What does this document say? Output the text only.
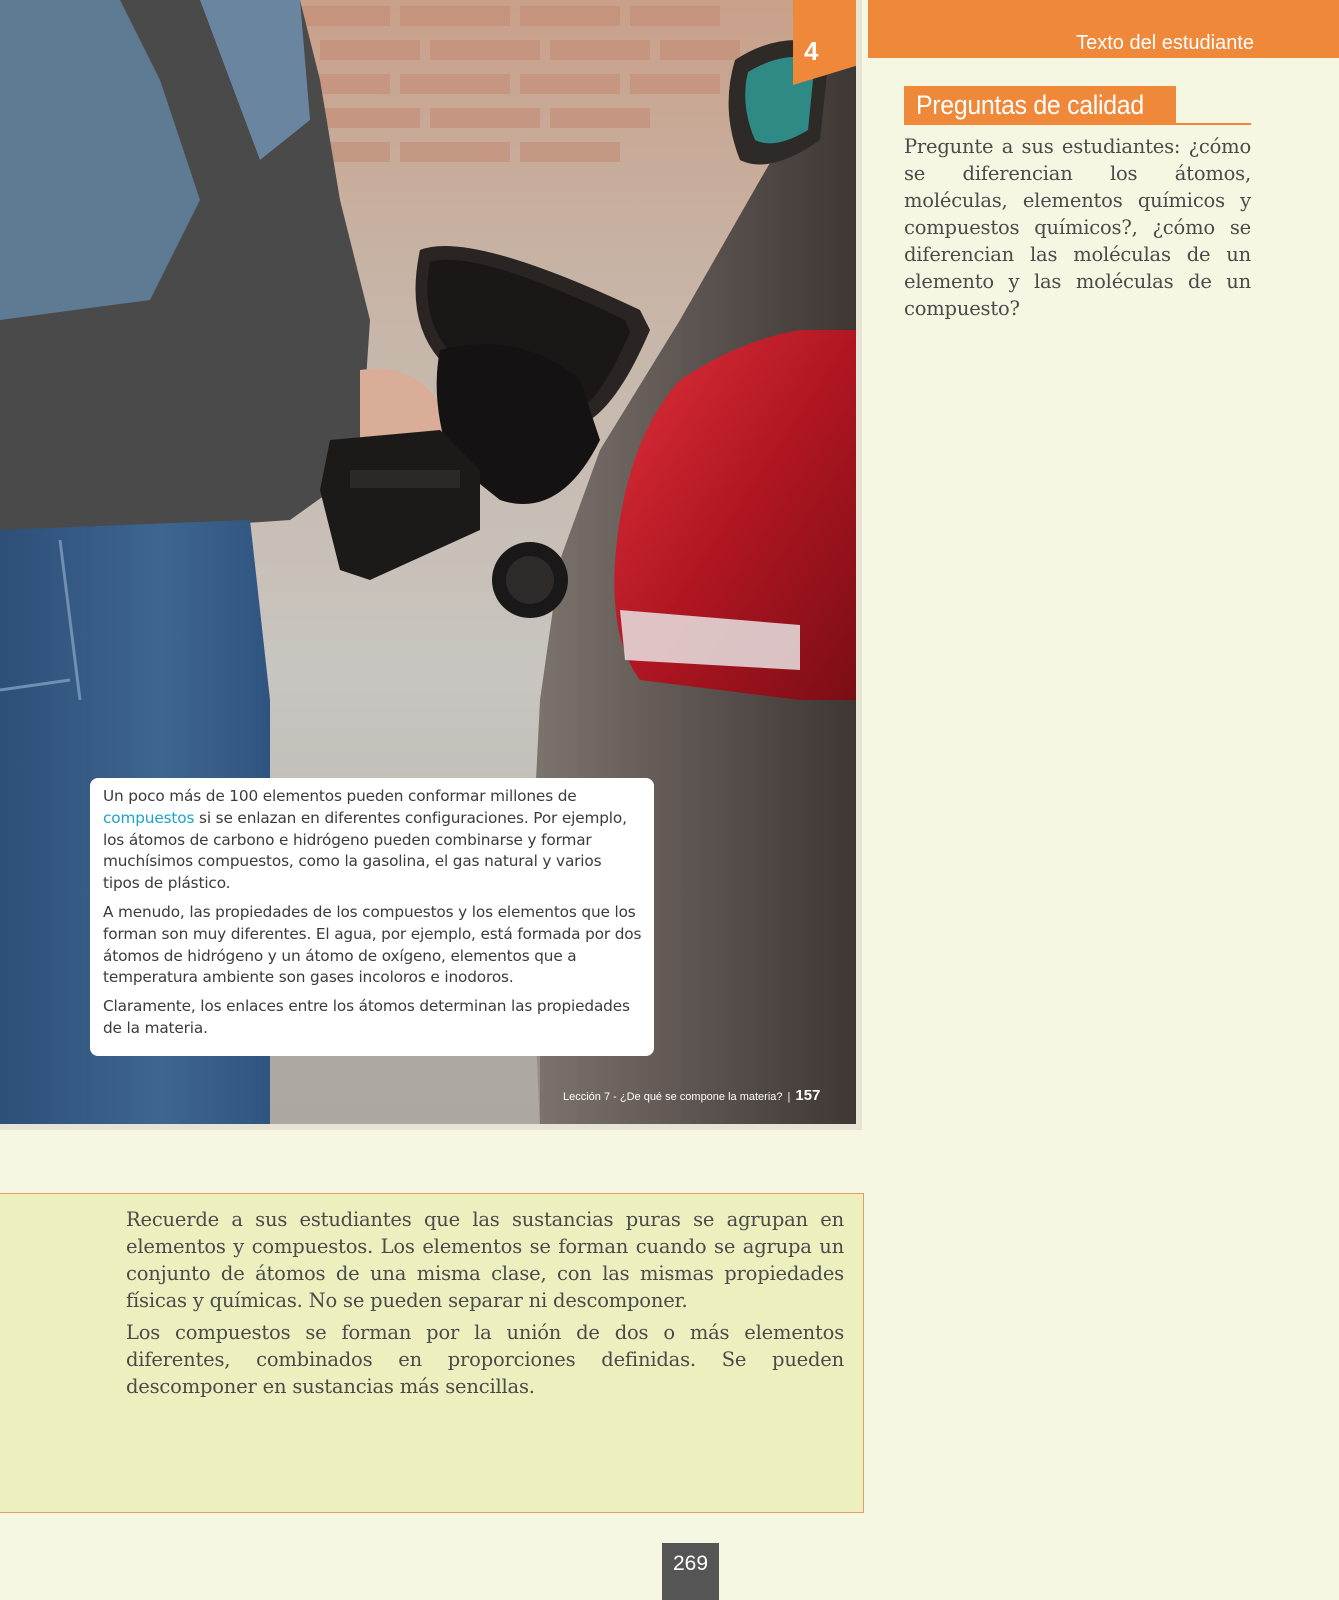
4

Un poco más de 100 elementos pueden conformar millones de compuestos si se enlazan en diferentes configuraciones. Por ejemplo, los átomos de carbono e hidrógeno pueden combinarse y formar muchísimos compuestos, como la gasolina, el gas natural y varios tipos de plástico.

A menudo, las propiedades de los compuestos y los elementos que los forman son muy diferentes. El agua, por ejemplo, está formada por dos átomos de hidrógeno y un átomo de oxígeno, elementos que a temperatura ambiente son gases incoloros e inodoros.

Claramente, los enlaces entre los átomos determinan las propiedades de la materia.

Lección 7 - ¿De qué se compone la materia? | 157
Texto del estudiante
Preguntas de calidad

Pregunte a sus estudiantes: ¿cómo se diferencian los átomos, moléculas, elementos químicos y compuestos químicos?, ¿cómo se diferencian las moléculas de un elemento y las moléculas de un compuesto?

Recuerde a sus estudiantes que las sustancias puras se agrupan en elementos y compuestos. Los elementos se forman cuando se agrupa un conjunto de átomos de una misma clase, con las mismas propiedades físicas y químicas. No se pueden separar ni descomponer.

Los compuestos se forman por la unión de dos o más elementos diferentes, combinados en proporciones definidas. Se pueden descomponer en sustancias más sencillas.

269
